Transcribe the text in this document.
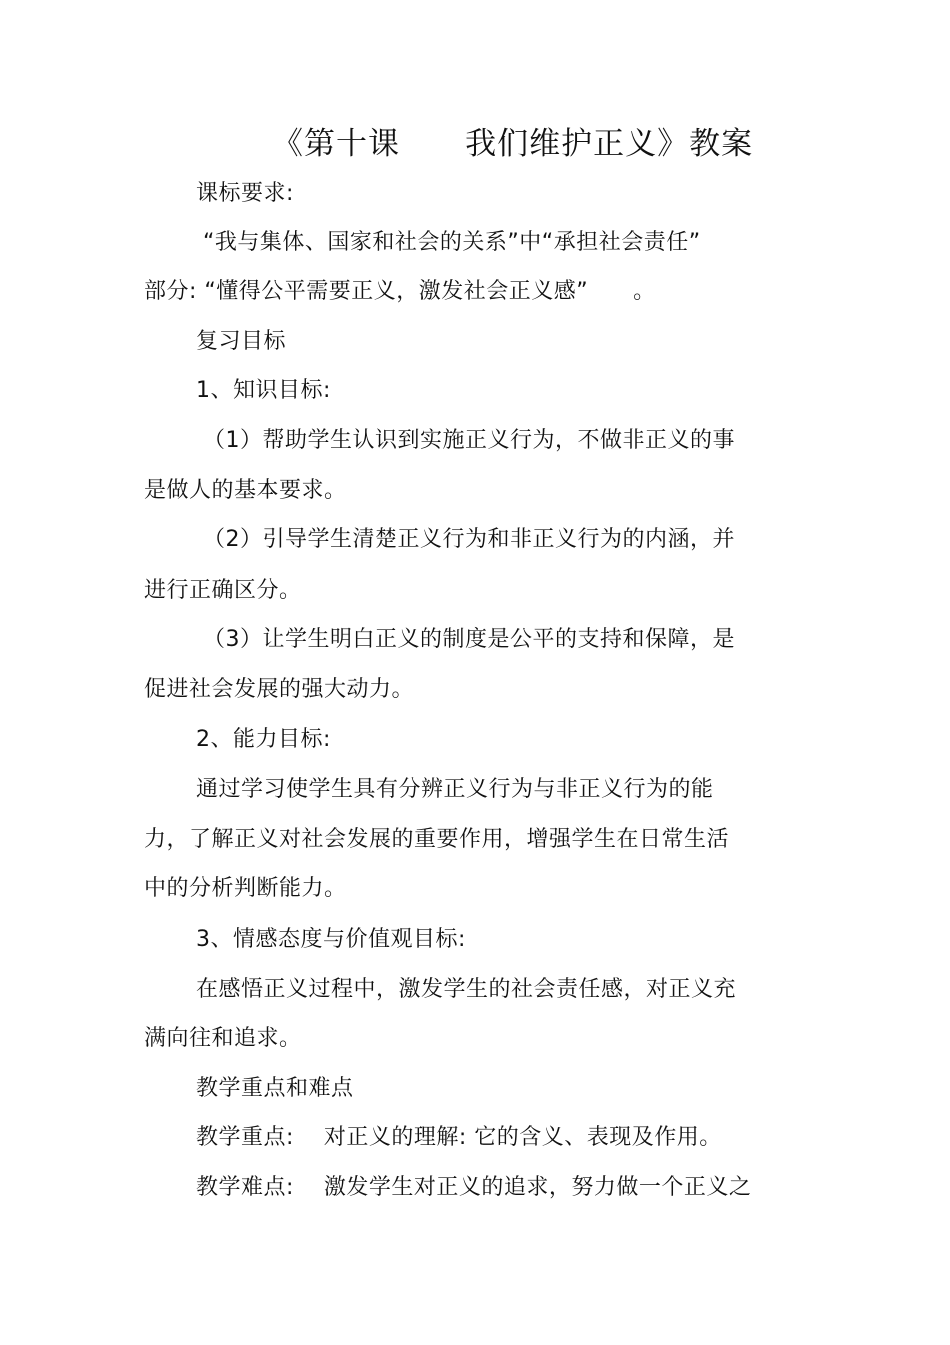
《第十课      我们维护正义》教案
课标要求:
“我与集体、国家和社会的关系”中“承担社会责任”
部分: “懂得公平需要正义，激发社会正义感”      。
复习目标
1、知识目标:
（1）帮助学生认识到实施正义行为，不做非正义的事
是做人的基本要求。
（2）引导学生清楚正义行为和非正义行为的内涵，并
进行正确区分。
（3）让学生明白正义的制度是公平的支持和保障，是
促进社会发展的强大动力。
2、能力目标:
通过学习使学生具有分辨正义行为与非正义行为的能
力，了解正义对社会发展的重要作用，增强学生在日常生活
中的分析判断能力。
3、情感态度与价值观目标:
在感悟正义过程中，激发学生的社会责任感，对正义充
满向往和追求。
教学重点和难点
教学重点:    对正义的理解: 它的含义、表现及作用。
教学难点:    激发学生对正义的追求，努力做一个正义之
